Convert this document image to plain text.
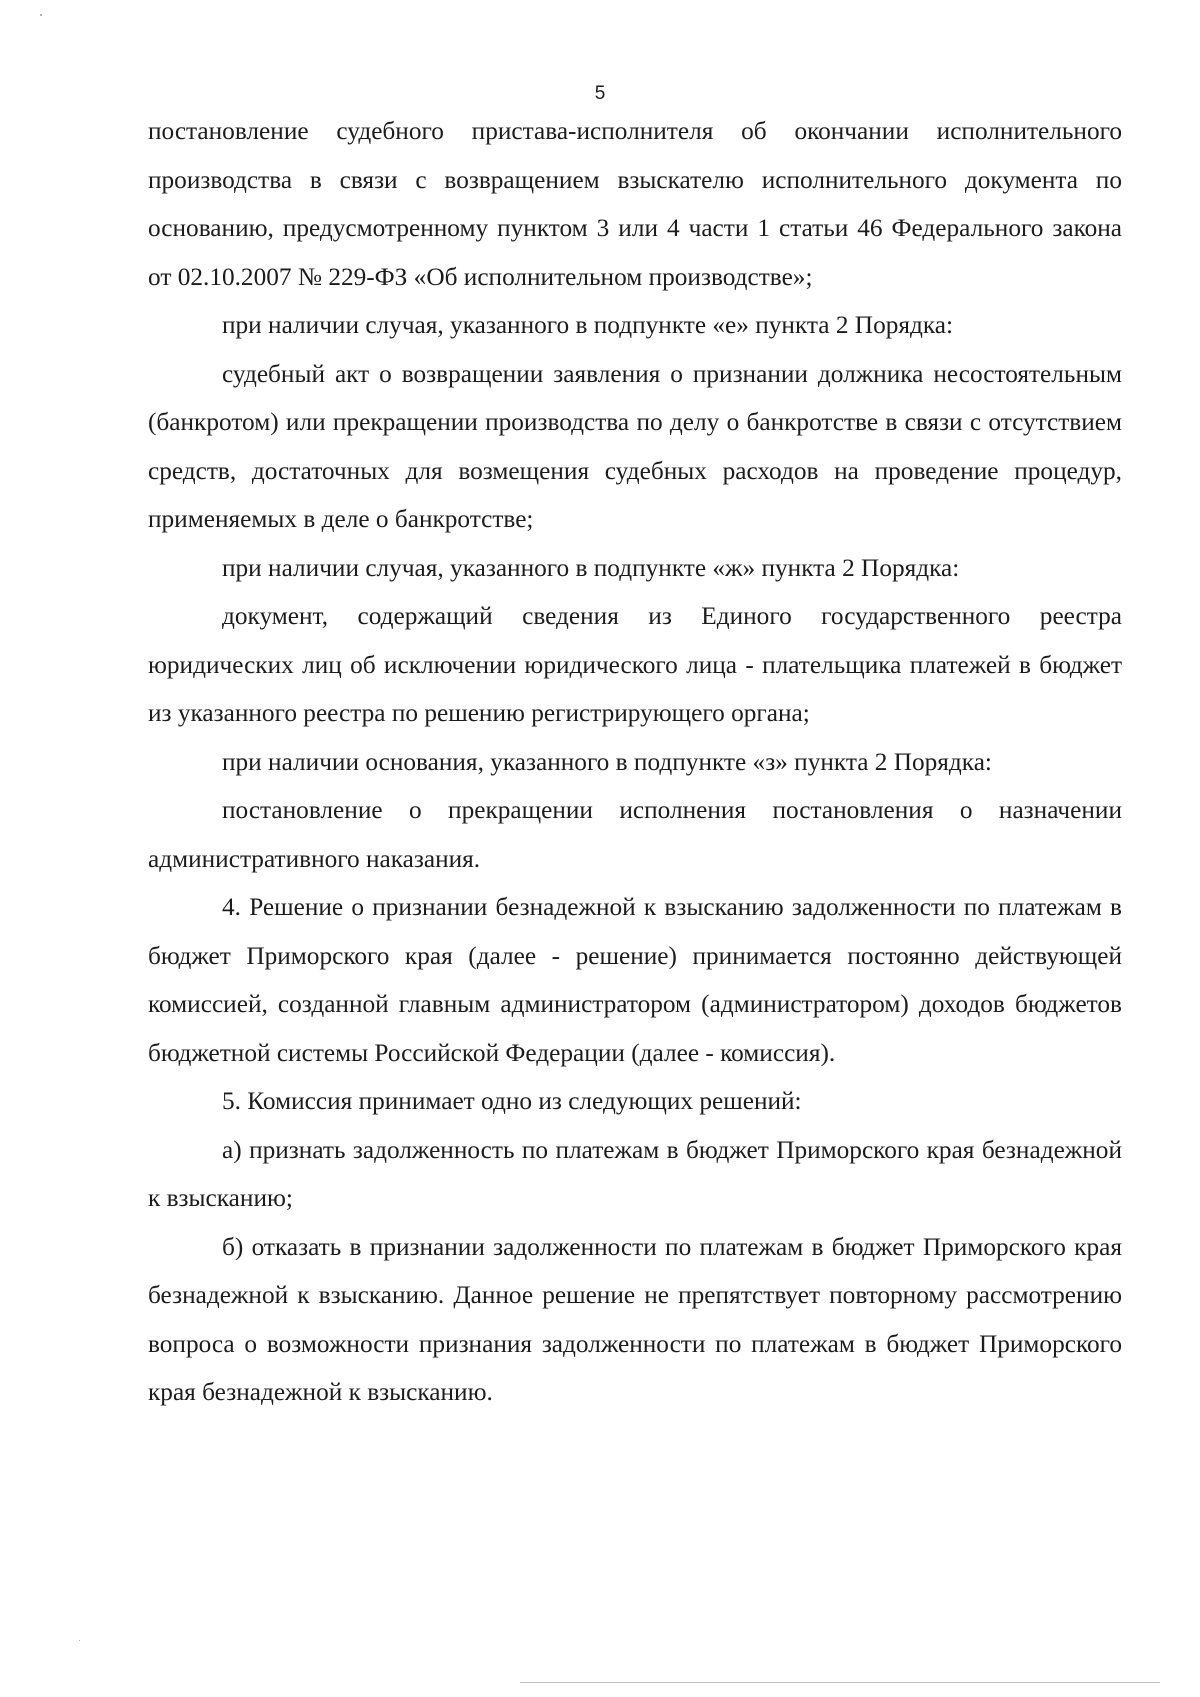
5

постановление судебного пристава-исполнителя об окончании исполнительного производства в связи с возвращением взыскателю исполнительного документа по основанию, предусмотренному пунктом 3 или 4 части 1 статьи 46 Федерального закона от 02.10.2007 № 229-ФЗ «Об исполнительном производстве»;

при наличии случая, указанного в подпункте «е» пункта 2 Порядка:

судебный акт о возвращении заявления о признании должника несостоятельным (банкротом) или прекращении производства по делу о банкротстве в связи с отсутствием средств, достаточных для возмещения судебных расходов на проведение процедур, применяемых в деле о банкротстве;

при наличии случая, указанного в подпункте «ж» пункта 2 Порядка:

документ, содержащий сведения из Единого государственного реестра юридических лиц об исключении юридического лица - плательщика платежей в бюджет из указанного реестра по решению регистрирующего органа;

при наличии основания, указанного в подпункте «з» пункта 2 Порядка:

постановление о прекращении исполнения постановления о назначении административного наказания.

4. Решение о признании безнадежной к взысканию задолженности по платежам в бюджет Приморского края (далее - решение) принимается постоянно действующей комиссией, созданной главным администратором (администратором) доходов бюджетов бюджетной системы Российской Федерации (далее - комиссия).

5. Комиссия принимает одно из следующих решений:

а) признать задолженность по платежам в бюджет Приморского края безнадежной к взысканию;

б) отказать в признании задолженности по платежам в бюджет Приморского края безнадежной к взысканию. Данное решение не препятствует повторному рассмотрению вопроса о возможности признания задолженности по платежам в бюджет Приморского края безнадежной к взысканию.
